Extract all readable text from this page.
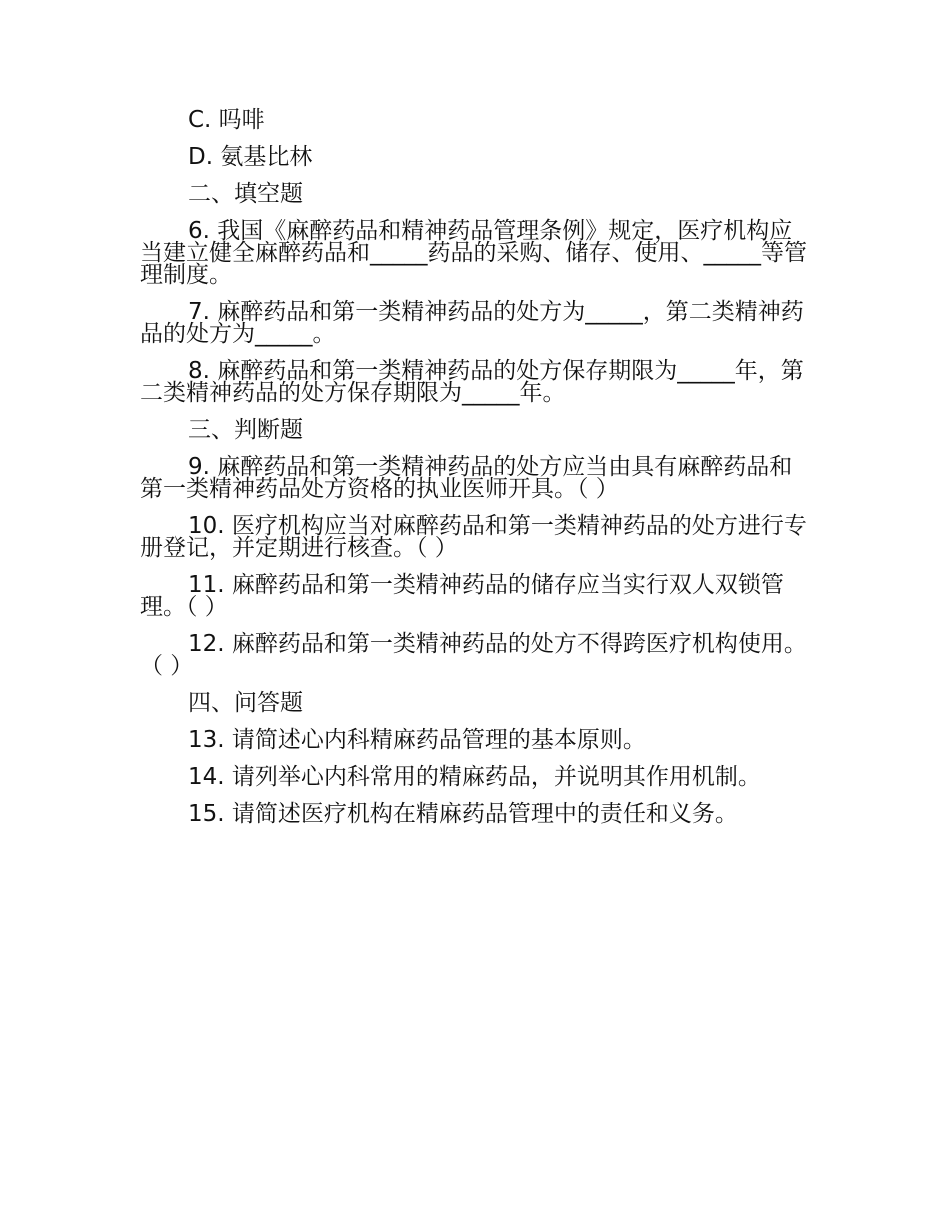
C. 吗啡
D. 氨基比林
二、填空题
6. 我国《麻醉药品和精神药品管理条例》规定，医疗机构应当建立健全麻醉药品和_____药品的采购、储存、使用、_____等管理制度。
7. 麻醉药品和第一类精神药品的处方为_____，第二类精神药品的处方为_____。
8. 麻醉药品和第一类精神药品的处方保存期限为_____年，第二类精神药品的处方保存期限为_____年。
三、判断题
9. 麻醉药品和第一类精神药品的处方应当由具有麻醉药品和第一类精神药品处方资格的执业医师开具。（ ）
10. 医疗机构应当对麻醉药品和第一类精神药品的处方进行专册登记，并定期进行核查。（ ）
11. 麻醉药品和第一类精神药品的储存应当实行双人双锁管理。（ ）
12. 麻醉药品和第一类精神药品的处方不得跨医疗机构使用。（ ）
四、问答题
13. 请简述心内科精麻药品管理的基本原则。
14. 请列举心内科常用的精麻药品，并说明其作用机制。
15. 请简述医疗机构在精麻药品管理中的责任和义务。
